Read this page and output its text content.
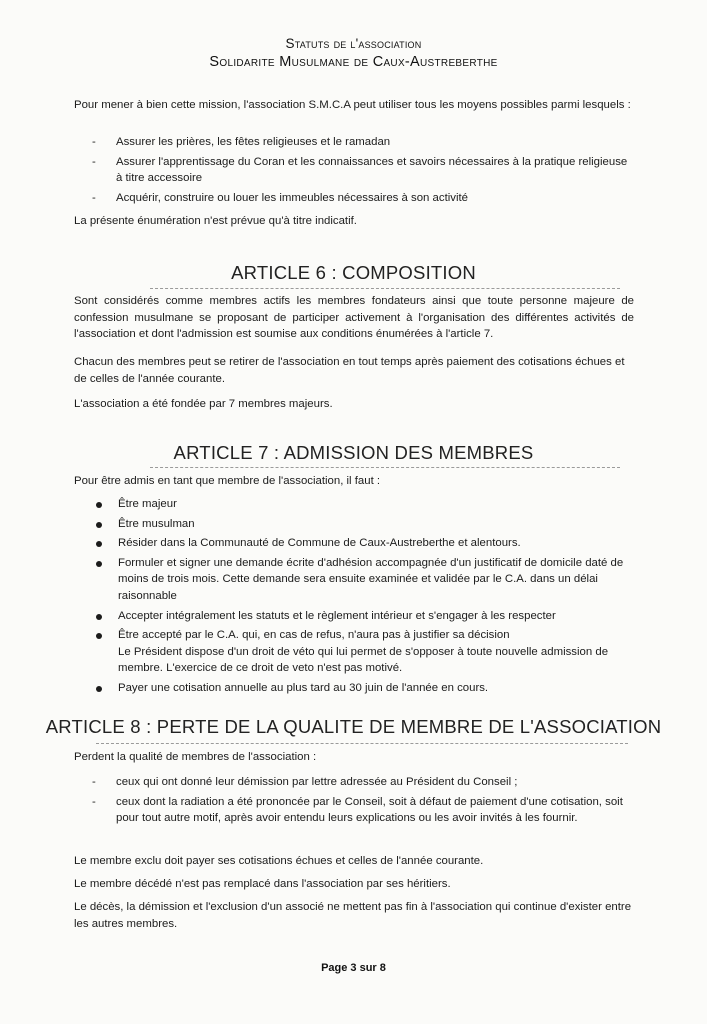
Statuts de l'association
Solidarite Musulmane de Caux-Austreberthe

Pour mener à bien cette mission, l'association S.M.C.A peut utiliser tous les moyens possibles parmi lesquels :

- Assurer les prières, les fêtes religieuses et le ramadan
- Assurer l'apprentissage du Coran et les connaissances et savoirs nécessaires à la pratique religieuse à titre accessoire
- Acquérir, construire ou louer les immeubles nécessaires à son activité

La présente énumération n'est prévue qu'à titre indicatif.

ARTICLE 6 : COMPOSITION

Sont considérés comme membres actifs les membres fondateurs ainsi que toute personne majeure de confession musulmane se proposant de participer activement à l'organisation des différentes activités de l'association et dont l'admission est soumise aux conditions énumérées à l'article 7.

Chacun des membres peut se retirer de l'association en tout temps après paiement des cotisations échues et de celles de l'année courante.

L'association a été fondée par 7 membres majeurs.

ARTICLE 7 : ADMISSION DES MEMBRES

Pour être admis en tant que membre de l'association, il faut :

Être majeur
Être musulman
Résider dans la Communauté de Commune de Caux-Austreberthe et alentours.
Formuler et signer une demande écrite d'adhésion accompagnée d'un justificatif de domicile daté de moins de trois mois. Cette demande sera ensuite examinée et validée par le C.A. dans un délai raisonnable
Accepter intégralement les statuts et le règlement intérieur et s'engager à les respecter
Être accepté par le C.A. qui, en cas de refus, n'aura pas à justifier sa décision
Le Président dispose d'un droit de véto qui lui permet de s'opposer à toute nouvelle admission de membre. L'exercice de ce droit de veto n'est pas motivé.
Payer une cotisation annuelle au plus tard au 30 juin de l'année en cours.
ARTICLE 8 : PERTE DE LA QUALITE DE MEMBRE DE L'ASSOCIATION

Perdent la qualité de membres de l'association :

- ceux qui ont donné leur démission par lettre adressée au Président du Conseil ;
- ceux dont la radiation a été prononcée par le Conseil, soit à défaut de paiement d'une cotisation, soit pour tout autre motif, après avoir entendu leurs explications ou les avoir invités à les fournir.

Le membre exclu doit payer ses cotisations échues et celles de l'année courante.

Le membre décédé n'est pas remplacé dans l'association par ses héritiers.

Le décès, la démission et l'exclusion d'un associé ne mettent pas fin à l'association qui continue d'exister entre les autres membres.

Page 3 sur 8
